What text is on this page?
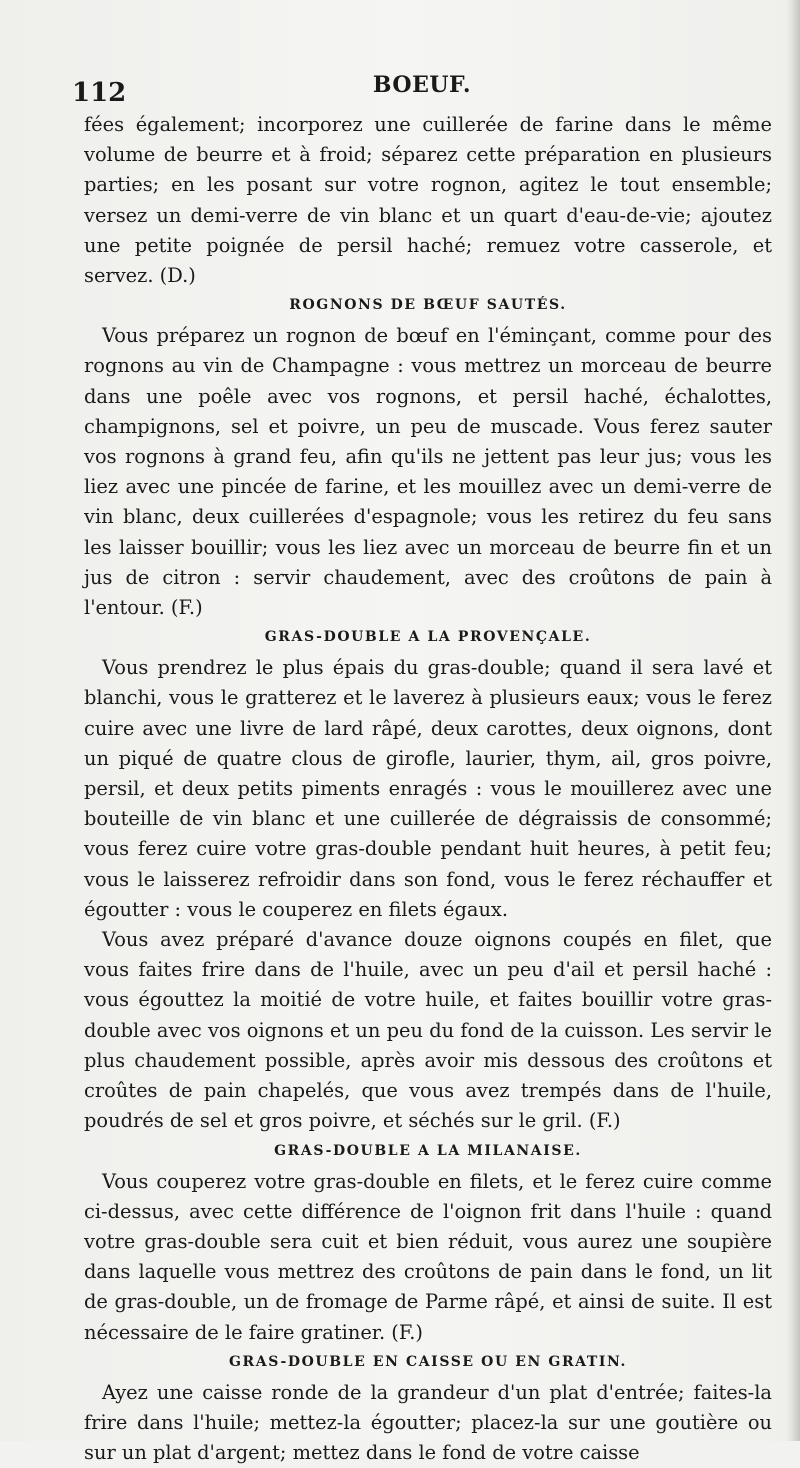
112	BOEUF.

fées également; incorporez une cuillerée de farine dans le même volume de beurre et à froid; séparez cette préparation en plusieurs parties; en les posant sur votre rognon, agitez le tout ensemble; versez un demi-verre de vin blanc et un quart d'eau-de-vie; ajoutez une petite poignée de persil haché; remuez votre casserole, et servez. (D.)

ROGNONS DE BŒUF SAUTÉS.

Vous préparez un rognon de bœuf en l'éminçant, comme pour des rognons au vin de Champagne : vous mettrez un morceau de beurre dans une poêle avec vos rognons, et persil haché, échalottes, champignons, sel et poivre, un peu de muscade. Vous ferez sauter vos rognons à grand feu, afin qu'ils ne jettent pas leur jus; vous les liez avec une pincée de farine, et les mouillez avec un demi-verre de vin blanc, deux cuillerées d'espagnole; vous les retirez du feu sans les laisser bouillir; vous les liez avec un morceau de beurre fin et un jus de citron : servir chaudement, avec des croûtons de pain à l'entour. (F.)

GRAS-DOUBLE A LA PROVENÇALE.

Vous prendrez le plus épais du gras-double; quand il sera lavé et blanchi, vous le gratterez et le laverez à plusieurs eaux; vous le ferez cuire avec une livre de lard râpé, deux carottes, deux oignons, dont un piqué de quatre clous de girofle, laurier, thym, ail, gros poivre, persil, et deux petits piments enragés : vous le mouillerez avec une bouteille de vin blanc et une cuillerée de dégraissis de consommé; vous ferez cuire votre gras-double pendant huit heures, à petit feu; vous le laisserez refroidir dans son fond, vous le ferez réchauffer et égoutter : vous le couperez en filets égaux.

Vous avez préparé d'avance douze oignons coupés en filet, que vous faites frire dans de l'huile, avec un peu d'ail et persil haché : vous égouttez la moitié de votre huile, et faites bouillir votre gras-double avec vos oignons et un peu du fond de la cuisson. Les servir le plus chaudement possible, après avoir mis dessous des croûtons et croûtes de pain chapelés, que vous avez trempés dans de l'huile, poudrés de sel et gros poivre, et séchés sur le gril. (F.)

GRAS-DOUBLE A LA MILANAISE.

Vous couperez votre gras-double en filets, et le ferez cuire comme ci-dessus, avec cette différence de l'oignon frit dans l'huile : quand votre gras-double sera cuit et bien réduit, vous aurez une soupière dans laquelle vous mettrez des croûtons de pain dans le fond, un lit de gras-double, un de fromage de Parme râpé, et ainsi de suite. Il est nécessaire de le faire gratiner. (F.)

GRAS-DOUBLE EN CAISSE OU EN GRATIN.

Ayez une caisse ronde de la grandeur d'un plat d'entrée; faites-la frire dans l'huile; mettez-la égoutter; placez-la sur une goutière ou sur un plat d'argent; mettez dans le fond de votre caisse
